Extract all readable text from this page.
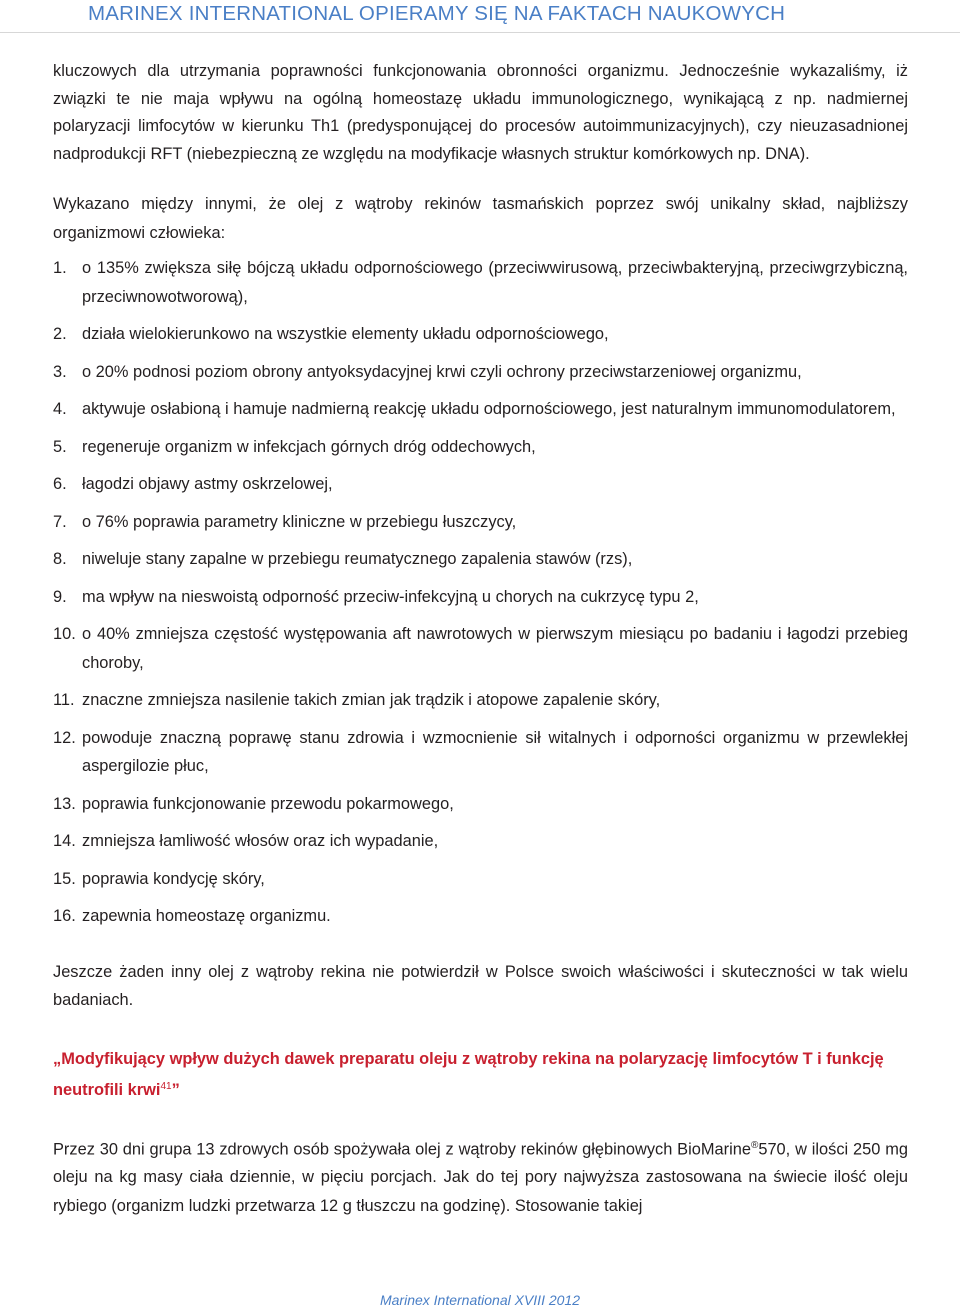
MARINEX INTERNATIONAL OPIERAMY SIĘ NA FAKTACH NAUKOWYCH

kluczowych dla utrzymania poprawności funkcjonowania obronności organizmu. Jednocześnie wykazaliśmy, iż związki te nie maja wpływu na ogólną homeostazę układu immunologicznego, wynikającą z np. nadmiernej polaryzacji limfocytów w kierunku Th1 (predysponującej do procesów autoimmunizacyjnych), czy nieuzasadnionej nadprodukcji RFT (niebezpieczną ze względu na modyfikacje własnych struktur komórkowych np. DNA).

Wykazano między innymi, że olej z wątroby rekinów tasmańskich poprzez swój unikalny skład, najbliższy organizmowi człowieka:

1. o 135% zwiększa siłę bójczą układu odpornościowego (przeciwwirusową, przeciwbakteryjną, przeciwgrzybiczną, przeciwnowotworową),
2. działa wielokierunkowo na wszystkie elementy układu odpornościowego,
3. o 20% podnosi poziom obrony antyoksydacyjnej krwi czyli ochrony przeciwstarzeniowej organizmu,
4. aktywuje osłabioną i hamuje nadmierną reakcję układu odpornościowego, jest naturalnym immunomodulatorem,
5. regeneruje organizm w infekcjach górnych dróg oddechowych,
6. łagodzi objawy astmy oskrzelowej,
7. o 76% poprawia parametry kliniczne w przebiegu łuszczycy,
8. niweluje stany zapalne w przebiegu reumatycznego zapalenia stawów (rzs),
9. ma wpływ na nieswoistą odporność przeciw-infekcyjną u chorych na cukrzycę typu 2,
10. o 40% zmniejsza częstość występowania aft nawrotowych w pierwszym miesiącu po badaniu i łagodzi przebieg choroby,
11. znaczne zmniejsza nasilenie takich zmian jak trądzik i atopowe zapalenie skóry,
12. powoduje znaczną poprawę stanu zdrowia i wzmocnienie sił witalnych i odporności organizmu w przewlekłej aspergilozie płuc,
13. poprawia funkcjonowanie przewodu pokarmowego,
14. zmniejsza łamliwość włosów oraz ich wypadanie,
15. poprawia kondycję skóry,
16. zapewnia homeostazę organizmu.

Jeszcze żaden inny olej z wątroby rekina nie potwierdził w Polsce swoich właściwości i skuteczności w tak wielu badaniach.

„Modyfikujący wpływ dużych dawek preparatu oleju z wątroby rekina na polaryzację limfocytów T i funkcję neutrofili krwi$^{41}$”

Przez 30 dni grupa 13 zdrowych osób spożywała olej z wątroby rekinów głębinowych BioMarine®570, w ilości 250 mg oleju na kg masy ciała dziennie, w pięciu porcjach. Jak do tej pory najwyższa zastosowana na świecie ilość oleju rybiego (organizm ludzki przetwarza 12 g tłuszczu na godzinę). Stosowanie takiej

Marinex International XVIII 2012
